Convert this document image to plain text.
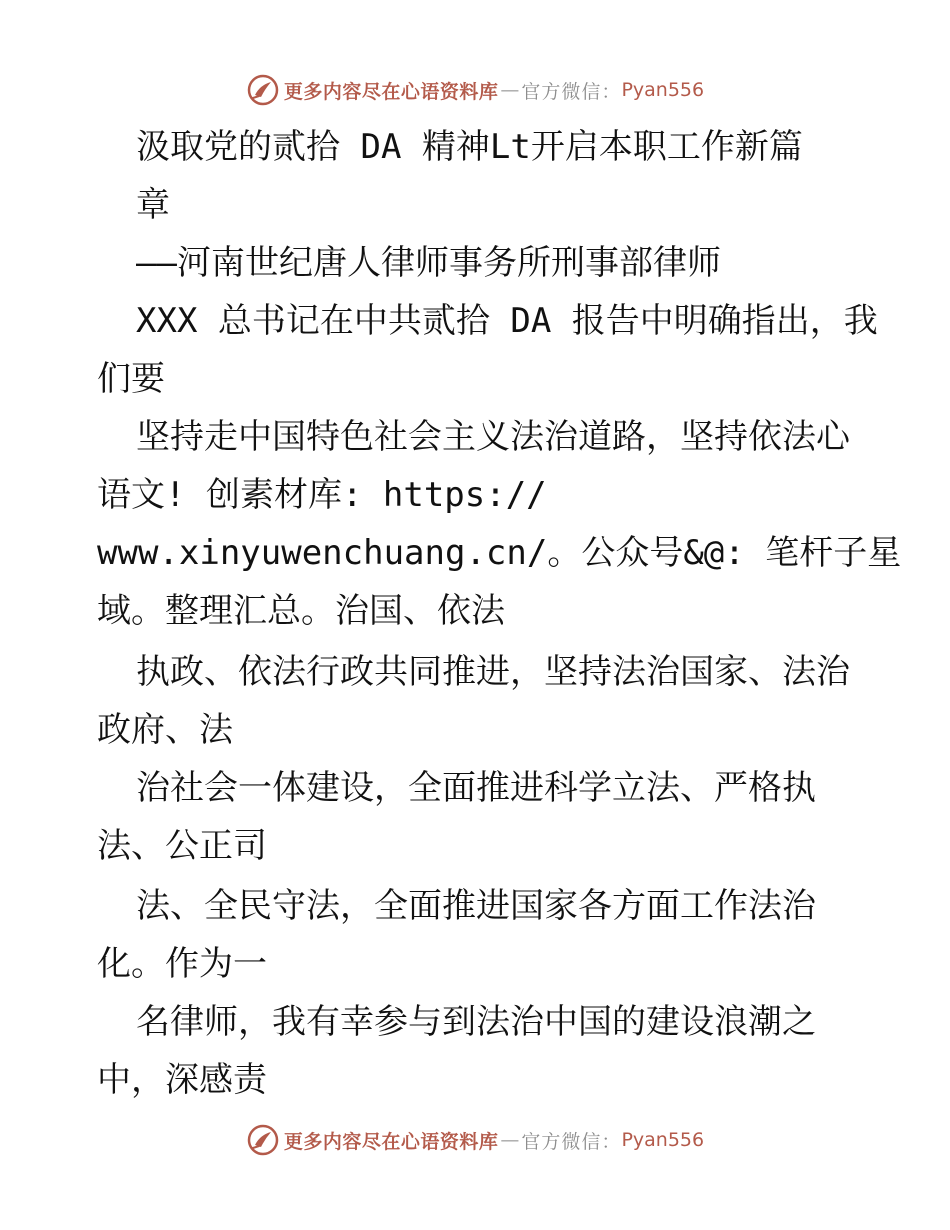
更多内容尽在心语资料库 — 官方微信： Pyan556
汲取党的贰拾 DA 精神Lt开启本职工作新篇
章
——河南世纪唐人律师事务所刑事部律师
XXX 总书记在中共贰拾 DA 报告中明确指出，我
们要
坚持走中国特色社会主义法治道路，坚持依法心
语文! 创素材库: https://
www.xinyuwenchuang.cn/。公众号&@: 笔杆子星
域。整理汇总。治国、依法
执政、依法行政共同推进，坚持法治国家、法治
政府、法
治社会一体建设，全面推进科学立法、严格执
法、公正司
法、全民守法，全面推进国家各方面工作法治
化。作为一
名律师，我有幸参与到法治中国的建设浪潮之
中，深感责
更多内容尽在心语资料库 — 官方微信： Pyan556
